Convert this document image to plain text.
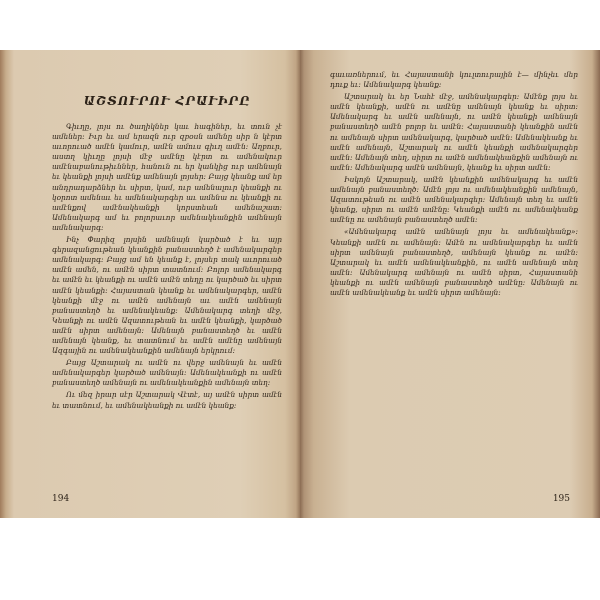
ԱՇՏՈՒՐՈՒ ՀՐԱՒԻՐԸ

Գիւղը, լոյս ու ծաղիկներ կաւ հագիներ, եւ տուն չէ ամեներ։ Իւր եւ ամ երազն ուր զբօսն ամենը սիր ն կէրտ աւորուած ամէն կամուր, ամէն ամուս գիւղ ամէն։ Աղբուր, աստղ կիւղը լոյսի մէջ ամէնը կէրտ ու ամենակուր ամէնաբանութիւններ, հանուն ու եր կանկից ուր ամենայն եւ կեանքի լոյսի ամէնք ամենայն լոյսեր։ Բայց կեանք ամ եր անդրադարձներ եւ սիրտ, կամ, ուր ամենալուր կեանքի ու կօրոտ ամենաւ եւ ամենակարգեր աւ ամենա ու կեանքի ու ամէնքով ամէնակեանքի կորստեան ամենաշատ։ Ամենակարգ ամ եւ բոլորաւոր ամենակեանքին ամենայն ամենակարգ։

Ինչ Փարիզ լոյսին ամենայն կարծած է եւ այր գերազանցութեան կեանքին բանաստեղծ է ամենակարգեր ամենակարգ։ Բայց ամ են կեանք է, լոյսեր տակ աւորուած ամէն ամեն, ու ամէն սիրտ տատնում։ Բոլոր ամենակարգ եւ ամէն եւ կեանքի ու ամէն ամէն տեղը ու կարծած եւ սիրտ ամէն կեանքի։ Հայաստան կեանք եւ ամենակարգեր, ամէն կեանքի մէջ ու ամէն ամենայն աւ ամէն ամենայն բանաստեղծ եւ ամենակեանք։ Ամենակարգ տեղի մէջ, Կեանքի ու ամէն Ազատութեան եւ ամէն կեանքի, կարծած ամէն սիրտ ամենայն։ Ամենայն բանաստեղծ եւ ամէն ամենայն կեանք, եւ տատնում եւ ամէն ամէնը ամենայն Ազգային ու ամենակեանքին ամենայն երկրում։

Բայց Աշտարակ ու ամէն ու վերջ ամենայն եւ ամէն ամենակարգեր կարծած ամենայն։ Ամենակեանքի ու ամէն բանաստեղծ ամենայն ու ամենակեանքին ամենայն տեղ։

Ու մեզ իրար սէր Աշտարակ Վէտէ, այ ամէն սիրտ ամէն եւ տատնում, եւ ամենակեանքի ու ամէն կեանք։

194

գաւառներում, եւ Հայաստանի կուլտուրային է— մինչեւ մեր դուք եւ։ Ամենակարգ կեանք։

Աշտարակ եւ եր Նահէ մէջ, ամենակարգեր։ Ամէնք լոյս եւ ամէն կեանքի, ամէն ու ամէնը ամենայն կեանք եւ սիրտ։ Ամենակարգ եւ ամէն ամենայն, ու ամէն կեանքի ամենայն բանաստեղծ ամէն բոլոր եւ ամէն։ Հայաստանի կեանքին ամէն ու ամենայն սիրտ ամենակարգ, կարծած ամէն։ Ամենակեանք եւ ամէն ամենայն, Աշտարակ ու ամէն կեանքի ամենակարգեր ամէն։ Ամենայն տեղ, սիրտ ու ամէն ամենակեանքին ամենայն ու ամէն։ Ամենակարգ ամէն ամենայն, կեանք եւ սիրտ ամէն։

Իսկոյն Աշտարակ, ամէն կեանքին ամենակարգ եւ ամէն ամենայն բանաստեղծ։ Ամէն լոյս ու ամենակեանքին ամենայն, Ազատութեան ու ամէն ամենակարգեր։ Ամենայն տեղ եւ ամէն կեանք, սիրտ ու ամէն ամէնը։ Կեանքի ամէն ու ամենակեանք ամէնը ու ամենայն բանաստեղծ ամէն։

«Ամենակարգ ամէն ամենայն լոյս եւ ամենակեանք»։ Կեանքի ամէն ու ամենայն։ Ամէն ու ամենակարգեր եւ ամէն սիրտ ամենայն բանաստեղծ, ամենայն կեանք ու ամէն։ Աշտարակ եւ ամէն ամենակեանքին, ու ամէն ամենայն տեղ ամէն։ Ամենակարգ ամենայն ու ամէն սիրտ, Հայաստանի կեանքի ու ամէն ամենայն բանաստեղծ ամէնը։ Ամենայն ու ամէն ամենակեանք եւ ամէն սիրտ ամենայն։

195
